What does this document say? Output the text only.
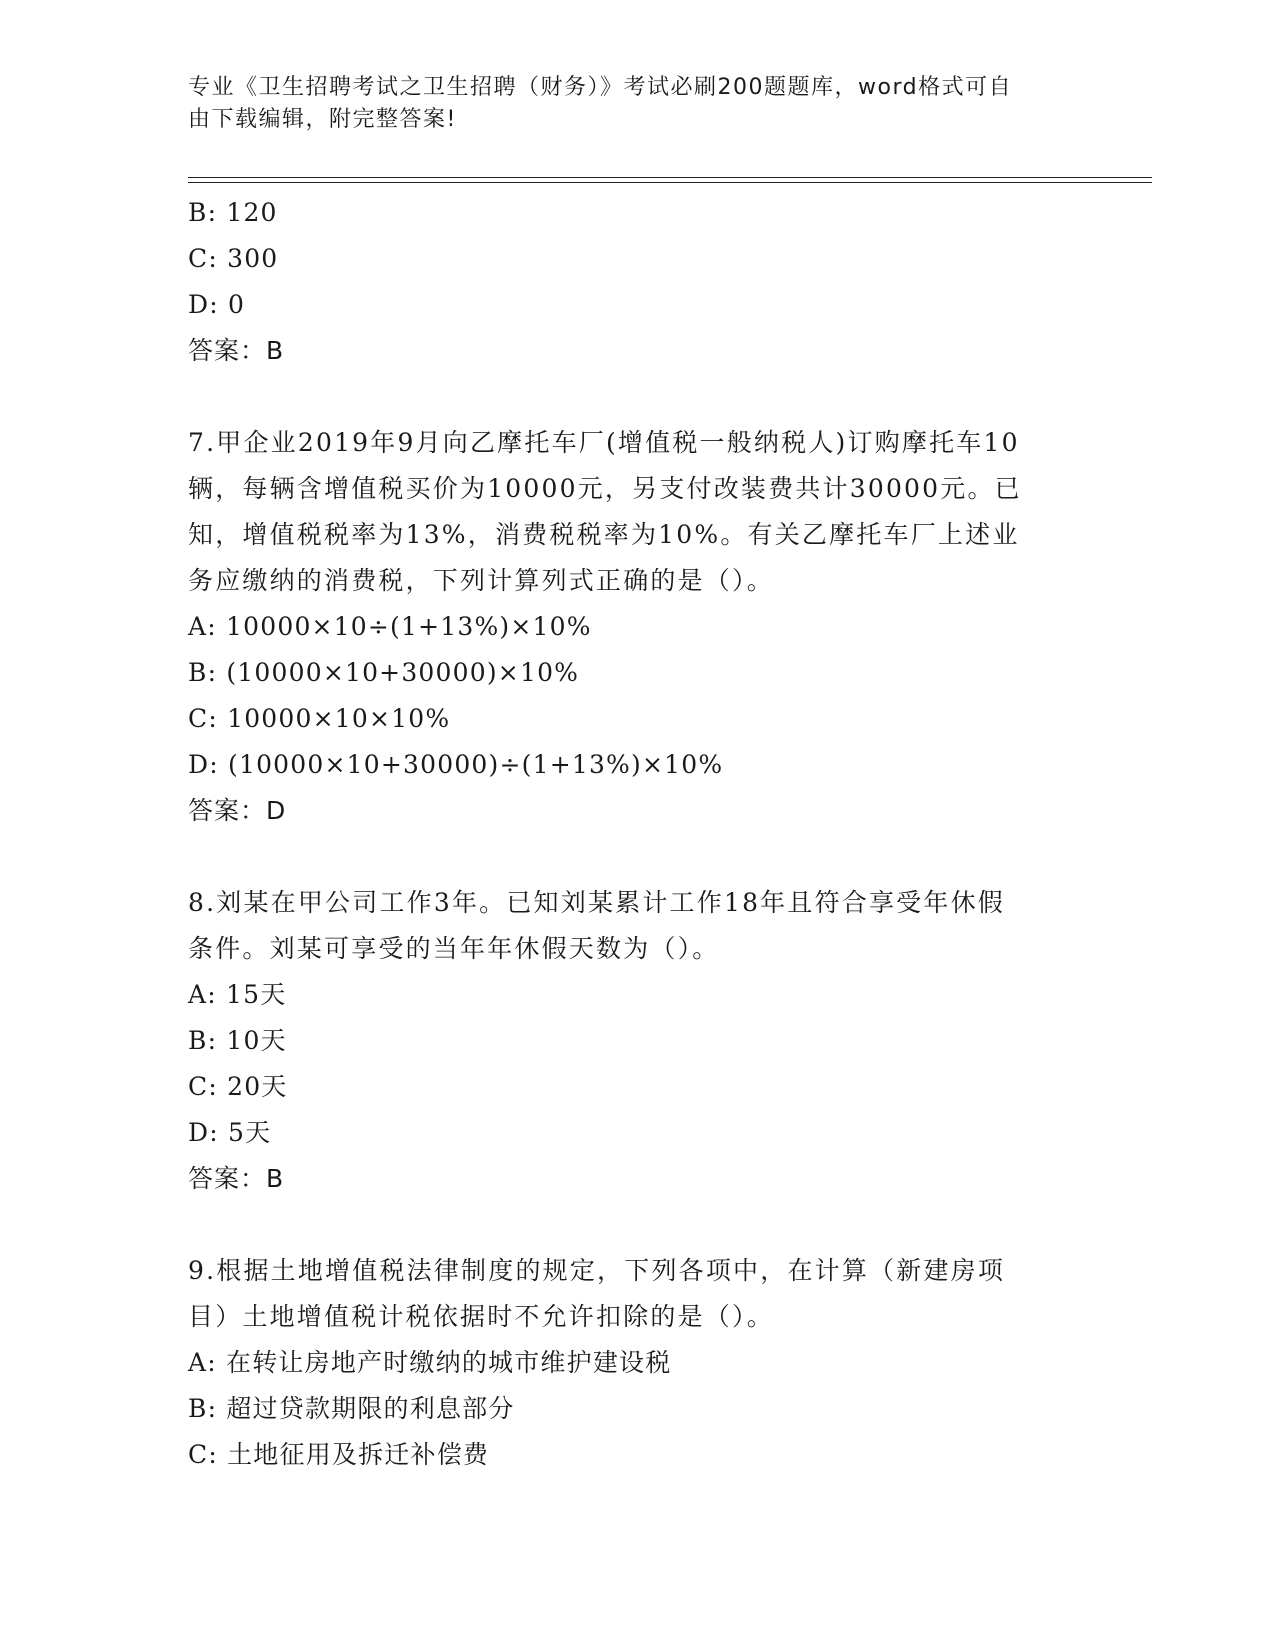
专业《卫生招聘考试之卫生招聘（财务）》考试必刷200题题库，word格式可自
由下载编辑，附完整答案!
B: 120
C: 300
D: 0
答案：B
7.甲企业2019年9月向乙摩托车厂(增值税一般纳税人)订购摩托车10
辆，每辆含增值税买价为10000元，另支付改装费共计30000元。已
知，增值税税率为13%，消费税税率为10%。有关乙摩托车厂上述业
务应缴纳的消费税，下列计算列式正确的是（）。
A: 10000×10÷(1+13%)×10%
B: (10000×10+30000)×10%
C: 10000×10×10%
D: (10000×10+30000)÷(1+13%)×10%
答案：D
8.刘某在甲公司工作3年。已知刘某累计工作18年且符合享受年休假
条件。刘某可享受的当年年休假天数为（）。
A: 15天
B: 10天
C: 20天
D: 5天
答案：B
9.根据土地增值税法律制度的规定，下列各项中，在计算（新建房项
目）土地增值税计税依据时不允许扣除的是（）。
A: 在转让房地产时缴纳的城市维护建设税
B: 超过贷款期限的利息部分
C: 土地征用及拆迁补偿费
